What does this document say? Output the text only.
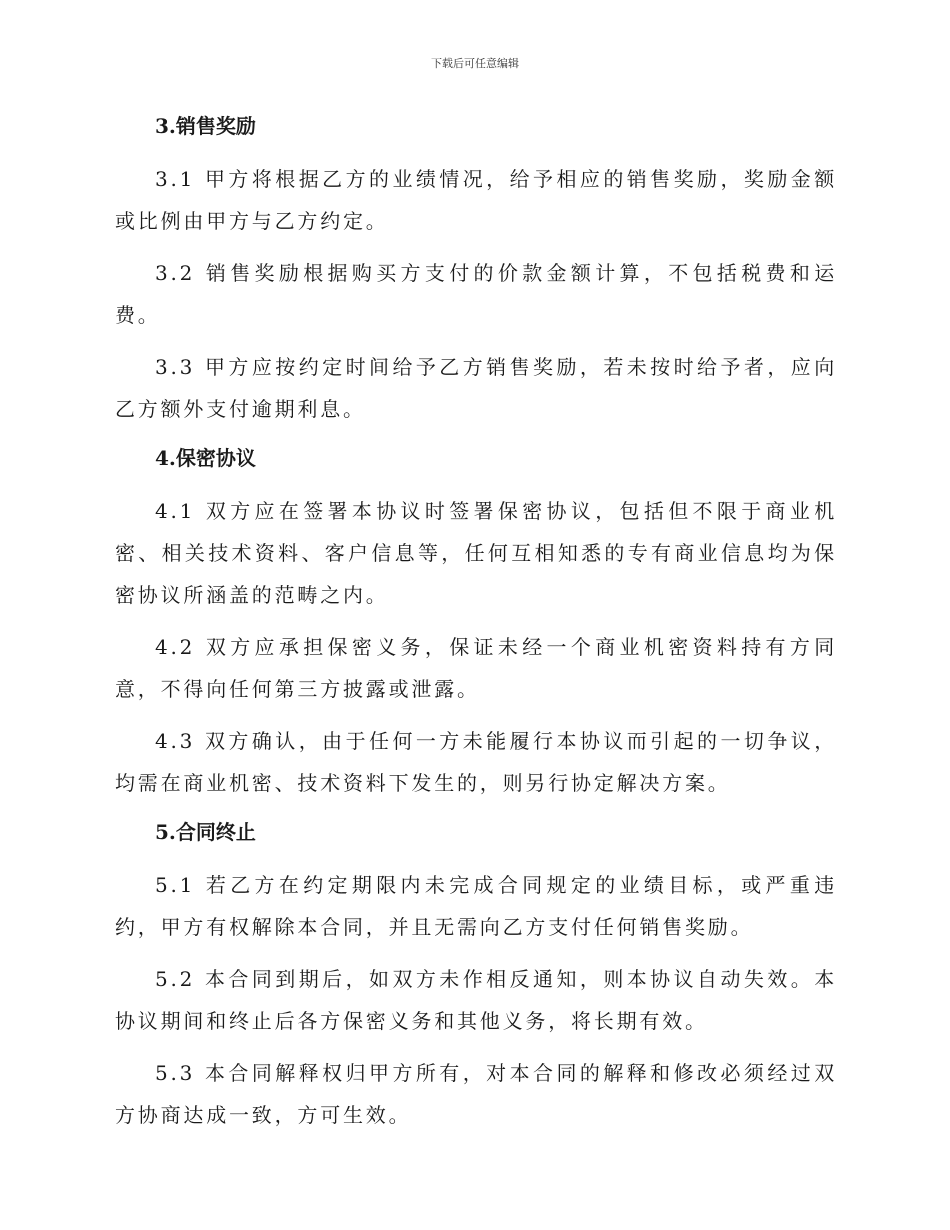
下载后可任意编辑
3.销售奖励

3.1 甲方将根据乙方的业绩情况，给予相应的销售奖励，奖励金额或比例由甲方与乙方约定。

3.2 销售奖励根据购买方支付的价款金额计算，不包括税费和运费。

3.3 甲方应按约定时间给予乙方销售奖励，若未按时给予者，应向乙方额外支付逾期利息。

4.保密协议

4.1 双方应在签署本协议时签署保密协议，包括但不限于商业机密、相关技术资料、客户信息等，任何互相知悉的专有商业信息均为保密协议所涵盖的范畴之内。

4.2 双方应承担保密义务，保证未经一个商业机密资料持有方同意，不得向任何第三方披露或泄露。

4.3 双方确认，由于任何一方未能履行本协议而引起的一切争议，均需在商业机密、技术资料下发生的，则另行协定解决方案。

5.合同终止

5.1 若乙方在约定期限内未完成合同规定的业绩目标，或严重违约，甲方有权解除本合同，并且无需向乙方支付任何销售奖励。

5.2 本合同到期后，如双方未作相反通知，则本协议自动失效。本协议期间和终止后各方保密义务和其他义务，将长期有效。

5.3 本合同解释权归甲方所有，对本合同的解释和修改必须经过双方协商达成一致，方可生效。
